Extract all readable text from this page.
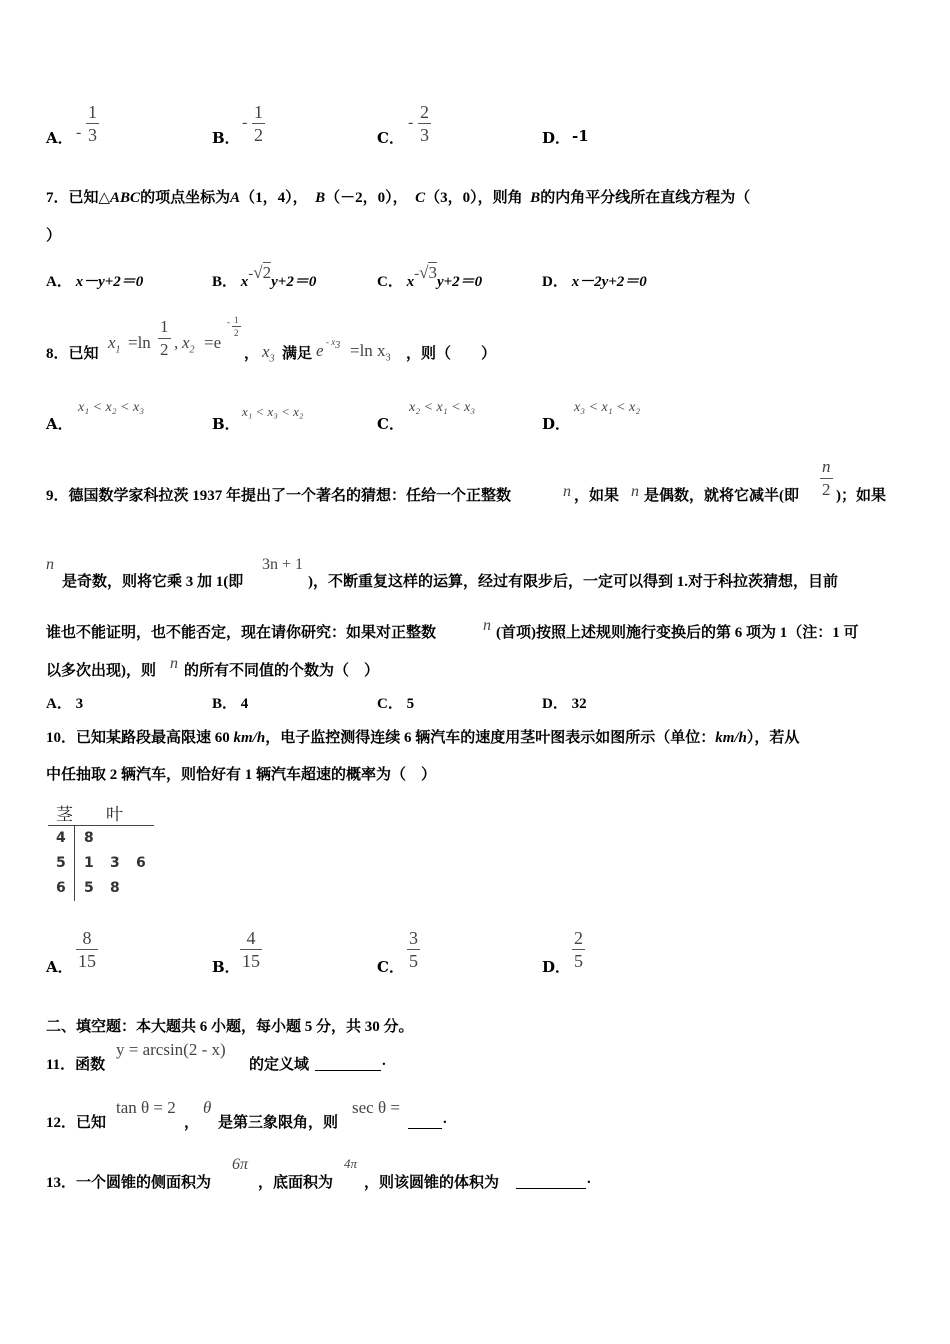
A． -
1
3	B．
-
1
2	C．
-
2
3	D． -1
7．已知△ABC的项点坐标为A（1，4）， B（－2，0）， C（3，0），则角 B的内角平分线所在直线方程为（
）
A． x－y+2＝0	B． x-√2y+2＝0	C． x-√3y+2＝0	D． x－2y+2＝0
8．已知
$x_1 =\ln$
1
2 , $x_2 =e$
- 1
2
， $x_3$ 满足 e - x3 =ln $x_3$ ，则（　　）
A．
x₁ < x₂ < x₃
B．
x₁ < x₃ < x₂
C．
x₂ < x₁ < x₃
D．
x₃ < x₁ < x₂
9．德国数学家科拉茨 1937 年提出了一个著名的猜想：任给一个正整数	n ，如果 n 是偶数，就将它减半(即
n
2 )；如果
n
是奇数，则将它乘 3 加 1(即
3n + 1
)，不断重复这样的运算，经过有限步后，一定可以得到 1.对于科拉茨猜想，目前
谁也不能证明，也不能否定，现在请你研究：如果对正整数	n (首项)按照上述规则施行变换后的第 6 项为 1（注：1 可
以多次出现)，则 n 的所有不同值的个数为（　）
A． 3	B． 4	C． 5	D． 32
10．已知某路段最高限速 60 km/h，电子监控测得连续 6 辆汽车的速度用茎叶图表示如图所示（单位：km/h），若从
中任抽取 2 辆汽车，则恰好有 1 辆汽车超速的概率为（　）
茎 叶
4 8
5 1 3 6
6 5 8
A．
8
15	B．
4
15	C．
3
5	D．
2
5
二、填空题：本大题共 6 小题，每小题 5 分，共 30 分。
11．函数
y = arcsin(2 - x)
的定义域	.
12．已知
tan θ = 2
，
θ
是第三象限角，则
sec θ =
.
13．一个圆锥的侧面积为
6π
，底面积为
4π
，则该圆锥的体积为	.
